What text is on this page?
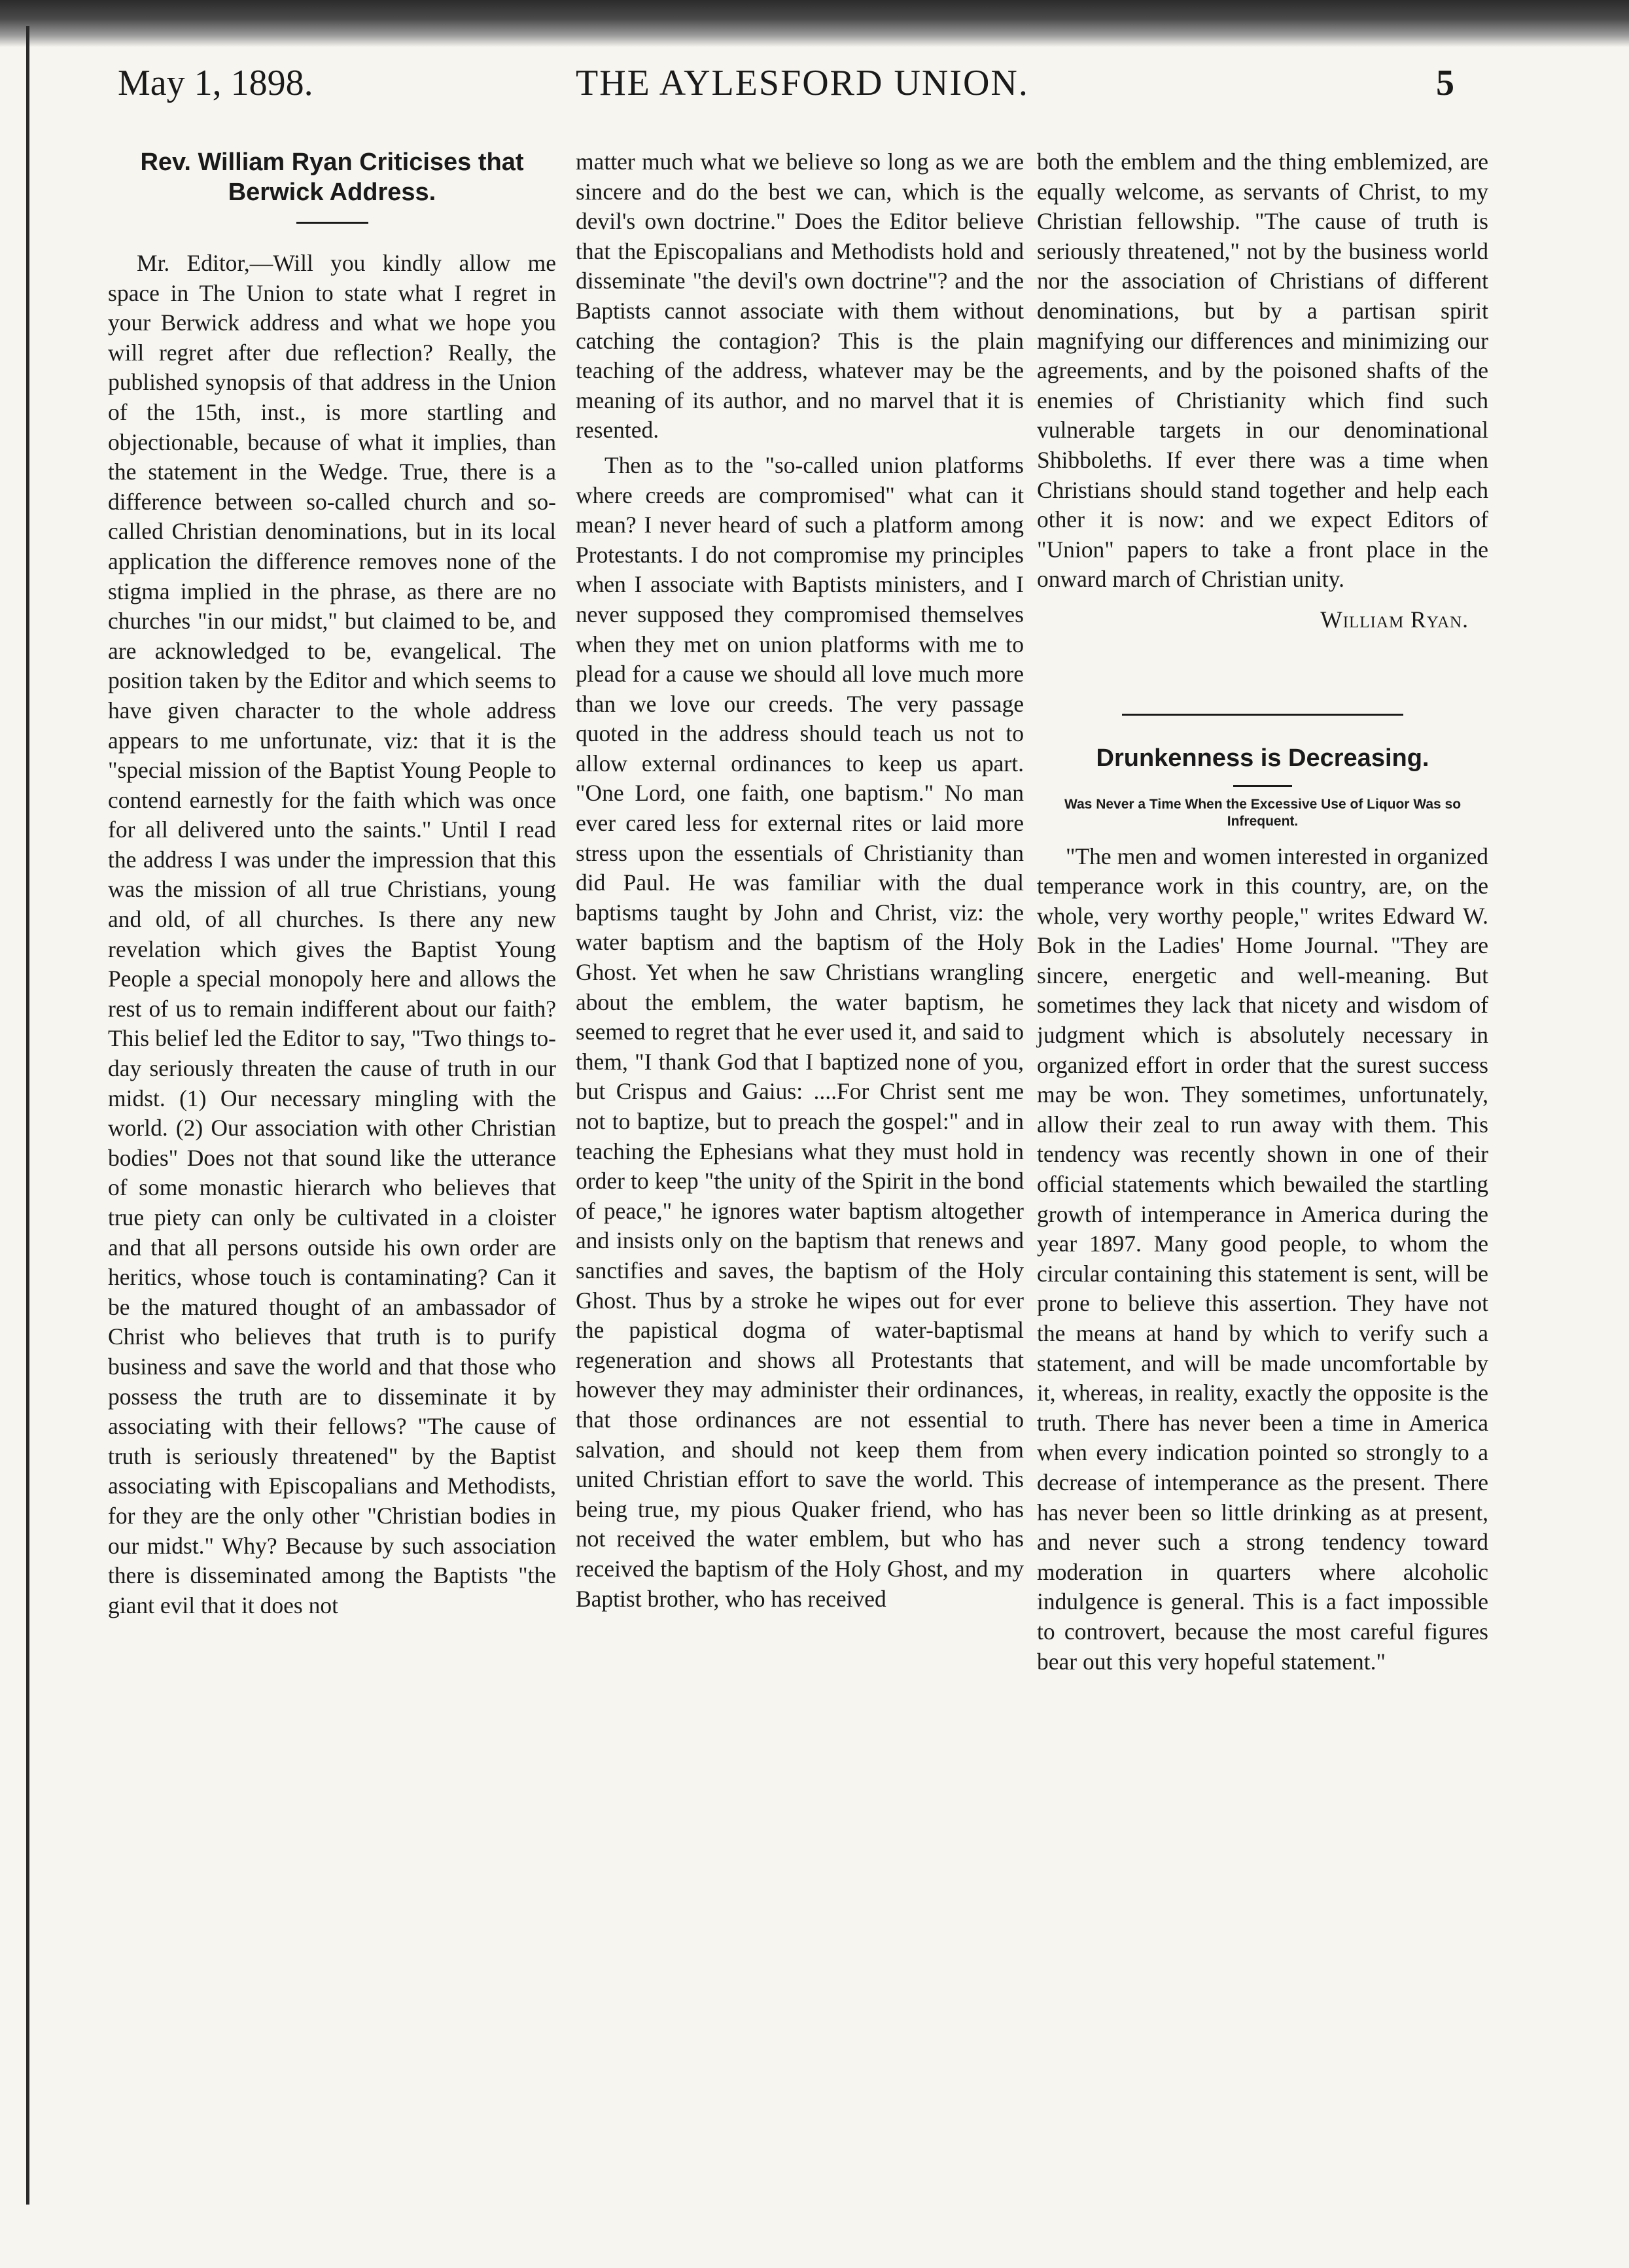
May 1, 1898.	THE AYLESFORD UNION.	5
Rev. William Ryan Criticises that Berwick Address.

Mr. Editor,—Will you kindly allow me space in The Union to state what I regret in your Berwick address and what we hope you will regret after due reflection? Really, the published synopsis of that address in the Union of the 15th, inst., is more startling and objectionable, because of what it implies, than the statement in the Wedge. True, there is a difference between so-called church and so-called Christian denominations, but in its local application the difference removes none of the stigma implied in the phrase, as there are no churches "in our midst," but claimed to be, and are acknowledged to be, evangelical. The position taken by the Editor and which seems to have given character to the whole address appears to me unfortunate, viz: that it is the "special mission of the Baptist Young People to contend earnestly for the faith which was once for all delivered unto the saints." Until I read the address I was under the impression that this was the mission of all true Christians, young and old, of all churches. Is there any new revelation which gives the Baptist Young People a special monopoly here and allows the rest of us to remain indifferent about our faith? This belief led the Editor to say, "Two things to-day seriously threaten the cause of truth in our midst. (1) Our necessary mingling with the world. (2) Our association with other Christian bodies" Does not that sound like the utterance of some monastic hierarch who believes that true piety can only be cultivated in a cloister and that all persons outside his own order are heritics, whose touch is contaminating? Can it be the matured thought of an ambassador of Christ who believes that truth is to purify business and save the world and that those who possess the truth are to disseminate it by associating with their fellows? "The cause of truth is seriously threatened" by the Baptist associating with Episcopalians and Methodists, for they are the only other "Christian bodies in our midst." Why? Because by such association there is disseminated among the Baptists "the giant evil that it does not

matter much what we believe so long as we are sincere and do the best we can, which is the devil's own doctrine." Does the Editor believe that the Episcopalians and Methodists hold and disseminate "the devil's own doctrine"? and the Baptists cannot associate with them without catching the contagion? This is the plain teaching of the address, whatever may be the meaning of its author, and no marvel that it is resented.

Then as to the "so-called union platforms where creeds are compromised" what can it mean? I never heard of such a platform among Protestants. I do not compromise my principles when I associate with Baptists ministers, and I never supposed they compromised themselves when they met on union platforms with me to plead for a cause we should all love much more than we love our creeds. The very passage quoted in the address should teach us not to allow external ordinances to keep us apart. "One Lord, one faith, one baptism." No man ever cared less for external rites or laid more stress upon the essentials of Christianity than did Paul. He was familiar with the dual baptisms taught by John and Christ, viz: the water baptism and the baptism of the Holy Ghost. Yet when he saw Christians wrangling about the emblem, the water baptism, he seemed to regret that he ever used it, and said to them, "I thank God that I baptized none of you, but Crispus and Gaius: ....For Christ sent me not to baptize, but to preach the gospel:" and in teaching the Ephesians what they must hold in order to keep "the unity of the Spirit in the bond of peace," he ignores water baptism altogether and insists only on the baptism that renews and sanctifies and saves, the baptism of the Holy Ghost. Thus by a stroke he wipes out for ever the papistical dogma of water-baptismal regeneration and shows all Protestants that however they may administer their ordinances, that those ordinances are not essential to salvation, and should not keep them from united Christian effort to save the world. This being true, my pious Quaker friend, who has not received the water emblem, but who has received the baptism of the Holy Ghost, and my Baptist brother, who has received

both the emblem and the thing emblemized, are equally welcome, as servants of Christ, to my Christian fellowship. "The cause of truth is seriously threatened," not by the business world nor the association of Christians of different denominations, but by a partisan spirit magnifying our differences and minimizing our agreements, and by the poisoned shafts of the enemies of Christianity which find such vulnerable targets in our denominational Shibboleths. If ever there was a time when Christians should stand together and help each other it is now: and we expect Editors of "Union" papers to take a front place in the onward march of Christian unity.

William Ryan.
Drunkenness is Decreasing.
Was Never a Time When the Excessive Use of Liquor Was so Infrequent.

"The men and women interested in organized temperance work in this country, are, on the whole, very worthy people," writes Edward W. Bok in the Ladies' Home Journal. "They are sincere, energetic and well-meaning. But sometimes they lack that nicety and wisdom of judgment which is absolutely necessary in organized effort in order that the surest success may be won. They sometimes, unfortunately, allow their zeal to run away with them. This tendency was recently shown in one of their official statements which bewailed the startling growth of intemperance in America during the year 1897. Many good people, to whom the circular containing this statement is sent, will be prone to believe this assertion. They have not the means at hand by which to verify such a statement, and will be made uncomfortable by it, whereas, in reality, exactly the opposite is the truth. There has never been a time in America when every indication pointed so strongly to a decrease of intemperance as the present. There has never been so little drinking as at present, and never such a strong tendency toward moderation in quarters where alcoholic indulgence is general. This is a fact impossible to controvert, because the most careful figures bear out this very hopeful statement."
